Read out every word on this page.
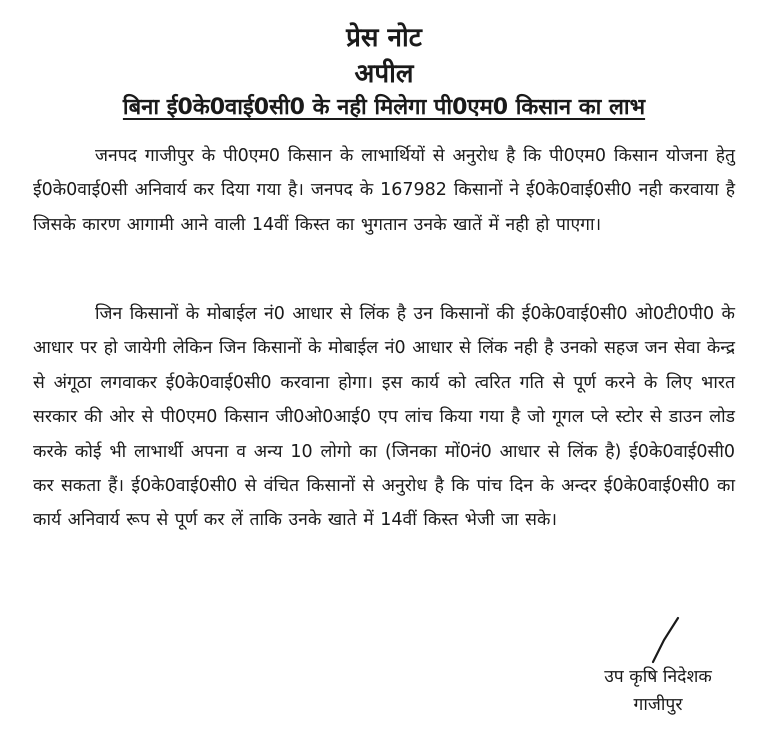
प्रेस नोट
अपील

बिना ई0के0वाई0सी0 के नही मिलेगा पी0एम0 किसान का लाभ

जनपद गाजीपुर के पी0एम0 किसान के लाभार्थियों से अनुरोध है कि पी0एम0 किसान योजना हेतु ई0के0वाई0सी अनिवार्य कर दिया गया है। जनपद के 167982 किसानों ने ई0के0वाई0सी0 नही करवाया है जिसके कारण आगामी आने वाली 14वीं किस्त का भुगतान उनके खातें में नही हो पाएगा।

जिन किसानों के मोबाईल नं0 आधार से लिंक है उन किसानों की ई0के0वाई0सी0 ओ0टी0पी0 के आधार पर हो जायेगी लेकिन जिन किसानों के मोबाईल नं0 आधार से लिंक नही है उनको सहज जन सेवा केन्द्र से अंगूठा लगवाकर ई0के0वाई0सी0 करवाना होगा। इस कार्य को त्वरित गति से पूर्ण करने के लिए भारत सरकार की ओर से पी0एम0 किसान जी0ओ0आई0 एप लांच किया गया है जो गूगल प्ले स्टोर से डाउन लोड करके कोई भी लाभार्थी अपना व अन्य 10 लोगो का (जिनका मों0नं0 आधार से लिंक है) ई0के0वाई0सी0 कर सकता हैं। ई0के0वाई0सी0 से वंचित किसानों से अनुरोध है कि पांच दिन के अन्दर ई0के0वाई0सी0 का कार्य अनिवार्य रूप से पूर्ण कर लें ताकि उनके खाते में 14वीं किस्त भेजी जा सके।

उप कृषि निदेशक

गाजीपुर
